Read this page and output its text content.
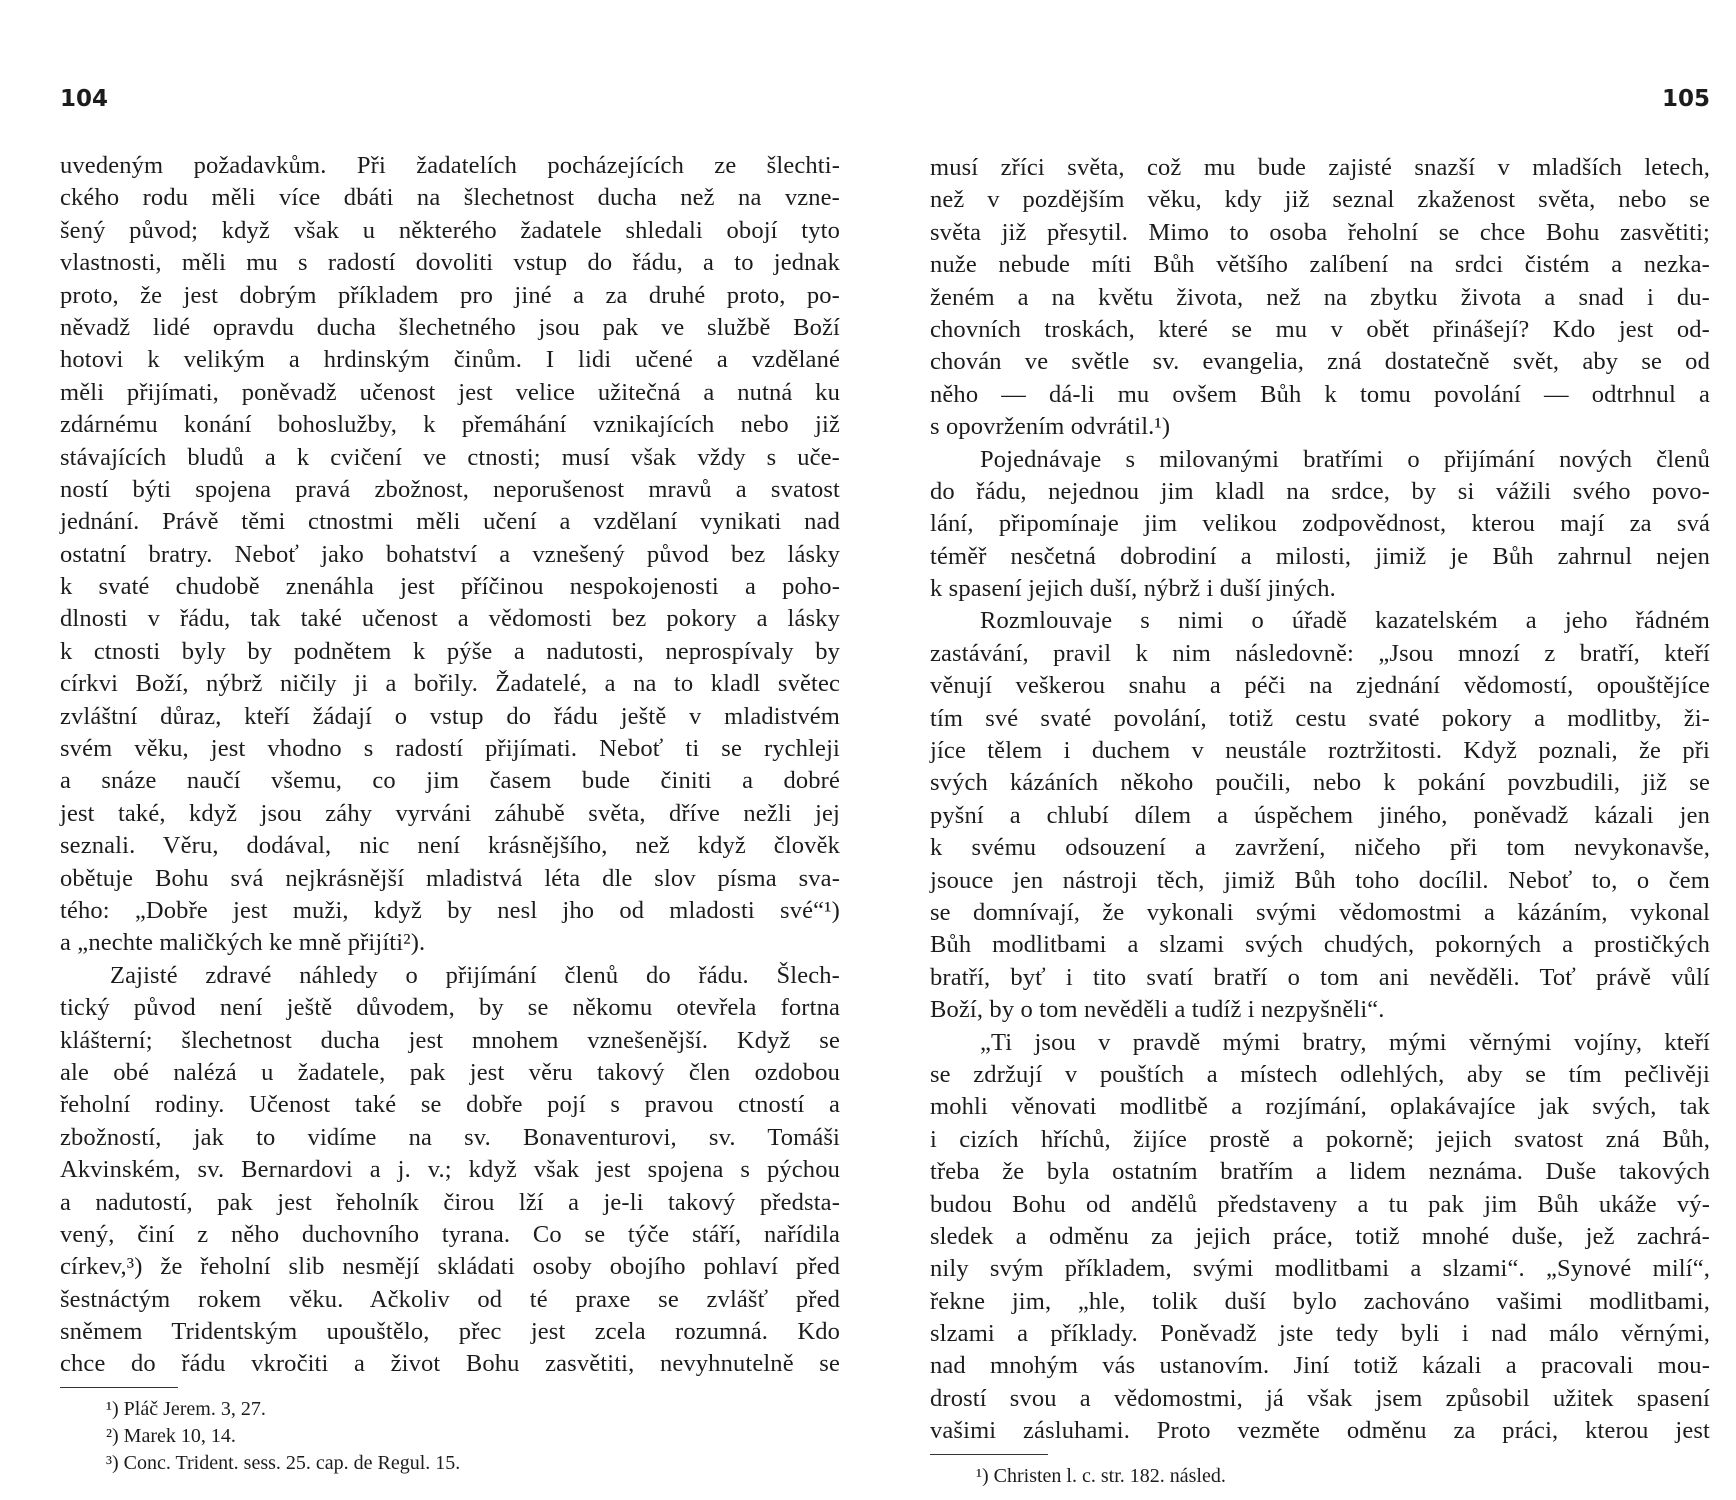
104
uvedeným požadavkům. Při žadatelích pocházejících ze šlechti-
ckého rodu měli více dbáti na šlechetnost ducha než na vzne-
šený původ; když však u některého žadatele shledali obojí tyto
vlastnosti, měli mu s radostí dovoliti vstup do řádu, a to jednak
proto, že jest dobrým příkladem pro jiné a za druhé proto, po-
něvadž lidé opravdu ducha šlechetného jsou pak ve službě Boží
hotovi k velikým a hrdinským činům. I lidi učené a vzdělané
měli přijímati, poněvadž učenost jest velice užitečná a nutná ku
zdárnému konání bohoslužby, k přemáhání vznikajících nebo již
stávajících bludů a k cvičení ve ctnosti; musí však vždy s uče-
ností býti spojena pravá zbožnost, neporušenost mravů a svatost
jednání. Právě těmi ctnostmi měli učení a vzdělaní vynikati nad
ostatní bratry. Neboť jako bohatství a vznešený původ bez lásky
k svaté chudobě znenáhla jest příčinou nespokojenosti a poho-
dlnosti v řádu, tak také učenost a vědomosti bez pokory a lásky
k ctnosti byly by podnětem k pýše a nadutosti, neprospívaly by
církvi Boží, nýbrž ničily ji a bořily. Žadatelé, a na to kladl světec
zvláštní důraz, kteří žádají o vstup do řádu ještě v mladistvém
svém věku, jest vhodno s radostí přijímati. Neboť ti se rychleji
a snáze naučí všemu, co jim časem bude činiti a dobré
jest také, když jsou záhy vyrváni záhubě světa, dříve nežli jej
seznali. Věru, dodával, nic není krásnějšího, než když člověk
obětuje Bohu svá nejkrásnější mladistvá léta dle slov písma sva-
tého: „Dobře jest muži, když by nesl jho od mladosti své“¹)
a „nechte maličkých ke mně přijíti²).
Zajisté zdravé náhledy o přijímání členů do řádu. Šlech-
tický původ není ještě důvodem, by se někomu otevřela fortna
klášterní; šlechetnost ducha jest mnohem vznešenější. Když se
ale obé nalézá u žadatele, pak jest věru takový člen ozdobou
řeholní rodiny. Učenost také se dobře pojí s pravou ctností a
zbožností, jak to vidíme na sv. Bonaventurovi, sv. Tomáši
Akvinském, sv. Bernardovi a j. v.; když však jest spojena s pýchou
a nadutostí, pak jest řeholník čirou lží a je-li takový předsta-
vený, činí z něho duchovního tyrana. Co se týče stáří, nařídila
církev,³) že řeholní slib nesmějí skládati osoby obojího pohlaví před
šestnáctým rokem věku. Ačkoliv od té praxe se zvlášť před
sněmem Tridentským upouštělo, přec jest zcela rozumná. Kdo
chce do řádu vkročiti a život Bohu zasvětiti, nevyhnutelně se
¹) Pláč Jerem. 3, 27.
²) Marek 10, 14.
³) Conc. Trident. sess. 25. cap. de Regul. 15.
105
musí zříci světa, což mu bude zajisté snazší v mladších letech,
než v pozdějším věku, kdy již seznal zkaženost světa, nebo se
světa již přesytil. Mimo to osoba řeholní se chce Bohu zasvětiti;
nuže nebude míti Bůh většího zalíbení na srdci čistém a nezka-
ženém a na květu života, než na zbytku života a snad i du-
chovních troskách, které se mu v obět přinášejí? Kdo jest od-
chován ve světle sv. evangelia, zná dostatečně svět, aby se od
něho — dá-li mu ovšem Bůh k tomu povolání — odtrhnul a
s opovržením odvrátil.¹)
Pojednávaje s milovanými bratřími o přijímání nových členů
do řádu, nejednou jim kladl na srdce, by si vážili svého povo-
lání, připomínaje jim velikou zodpovědnost, kterou mají za svá
téměř nesčetná dobrodiní a milosti, jimiž je Bůh zahrnul nejen
k spasení jejich duší, nýbrž i duší jiných.
Rozmlouvaje s nimi o úřadě kazatelském a jeho řádném
zastávání, pravil k nim následovně: „Jsou mnozí z bratří, kteří
věnují veškerou snahu a péči na zjednání vědomostí, opouštějíce
tím své svaté povolání, totiž cestu svaté pokory a modlitby, ži-
jíce tělem i duchem v neustále roztržitosti. Když poznali, že při
svých kázáních někoho poučili, nebo k pokání povzbudili, již se
pyšní a chlubí dílem a úspěchem jiného, poněvadž kázali jen
k svému odsouzení a zavržení, ničeho při tom nevykonavše,
jsouce jen nástroji těch, jimiž Bůh toho docílil. Neboť to, o čem
se domnívají, že vykonali svými vědomostmi a kázáním, vykonal
Bůh modlitbami a slzami svých chudých, pokorných a prostičkých
bratří, byť i tito svatí bratří o tom ani nevěděli. Toť právě vůlí
Boží, by o tom nevěděli a tudíž i nezpyšněli“.
„Ti jsou v pravdě mými bratry, mými věrnými vojíny, kteří
se zdržují v pouštích a místech odlehlých, aby se tím pečlivěji
mohli věnovati modlitbě a rozjímání, oplakávajíce jak svých, tak
i cizích hříchů, žijíce prostě a pokorně; jejich svatost zná Bůh,
třeba že byla ostatním bratřím a lidem neznáma. Duše takových
budou Bohu od andělů představeny a tu pak jim Bůh ukáže vý-
sledek a odměnu za jejich práce, totiž mnohé duše, jež zachrá-
nily svým příkladem, svými modlitbami a slzami“. „Synové milí“,
řekne jim, „hle, tolik duší bylo zachováno vašimi modlitbami,
slzami a příklady. Poněvadž jste tedy byli i nad málo věrnými,
nad mnohým vás ustanovím. Jiní totiž kázali a pracovali mou-
drostí svou a vědomostmi, já však jsem způsobil užitek spasení
vašimi zásluhami. Proto vezměte odměnu za práci, kterou jest
¹) Christen l. c. str. 182. násled.
